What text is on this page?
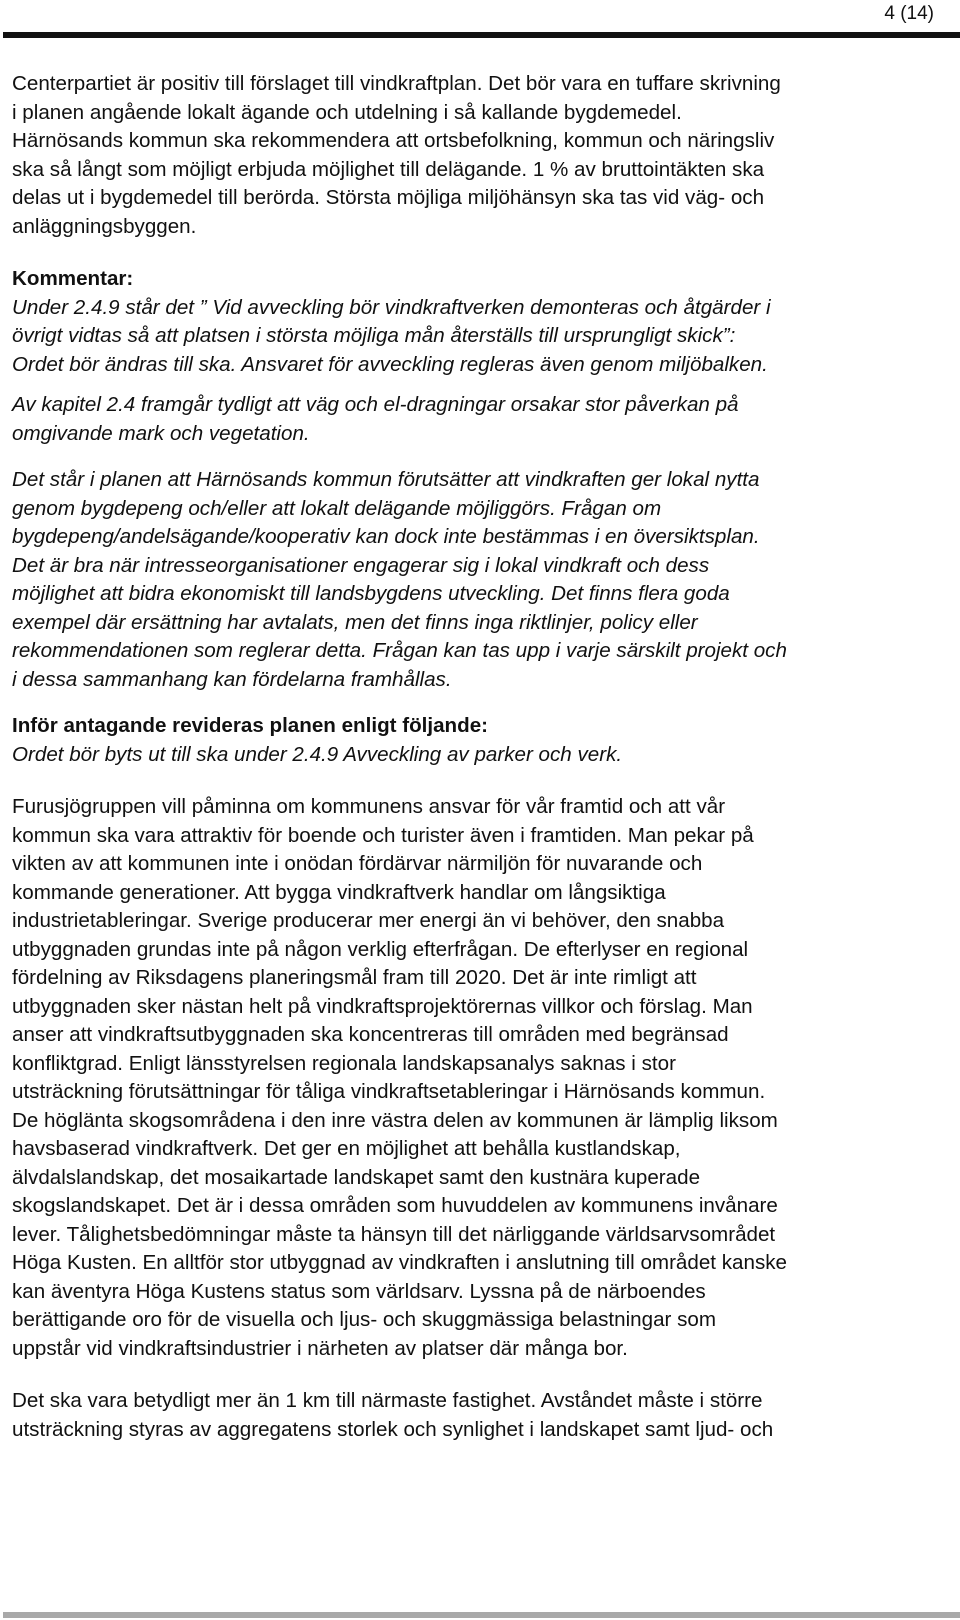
4 (14)

Centerpartiet är positiv till förslaget till vindkraftplan. Det bör vara en tuffare skrivning
i planen angående lokalt ägande och utdelning i så kallande bygdemedel.
Härnösands kommun ska rekommendera att ortsbefolkning, kommun och näringsliv
ska så långt som möjligt erbjuda möjlighet till delägande. 1 % av bruttointäkten ska
delas ut i bygdemedel till berörda. Största möjliga miljöhänsyn ska tas vid väg- och
anläggningsbyggen.

Kommentar:

Under 2.4.9 står det ” Vid avveckling bör vindkraftverken demonteras och åtgärder i
övrigt vidtas så att platsen i största möjliga mån återställs till ursprungligt skick”:
Ordet bör ändras till ska. Ansvaret för avveckling regleras även genom miljöbalken.

Av kapitel 2.4 framgår tydligt att väg och el-dragningar orsakar stor påverkan på
omgivande mark och vegetation.

Det står i planen att Härnösands kommun förutsätter att vindkraften ger lokal nytta
genom bygdepeng och/eller att lokalt delägande möjliggörs. Frågan om
bygdepeng/andelsägande/kooperativ kan dock inte bestämmas i en översiktsplan.
Det är bra när intresseorganisationer engagerar sig i lokal vindkraft och dess
möjlighet att bidra ekonomiskt till landsbygdens utveckling. Det finns flera goda
exempel där ersättning har avtalats, men det finns inga riktlinjer, policy eller
rekommendationen som reglerar detta. Frågan kan tas upp i varje särskilt projekt och
i dessa sammanhang kan fördelarna framhållas.

Inför antagande revideras planen enligt följande:

Ordet bör byts ut till ska under 2.4.9 Avveckling av parker och verk.

Furusjögruppen vill påminna om kommunens ansvar för vår framtid och att vår
kommun ska vara attraktiv för boende och turister även i framtiden. Man pekar på
vikten av att kommunen inte i onödan fördärvar närmiljön för nuvarande och
kommande generationer. Att bygga vindkraftverk handlar om långsiktiga
industrietableringar. Sverige producerar mer energi än vi behöver, den snabba
utbyggnaden grundas inte på någon verklig efterfrågan. De efterlyser en regional
fördelning av Riksdagens planeringsmål fram till 2020. Det är inte rimligt att
utbyggnaden sker nästan helt på vindkraftsprojektörernas villkor och förslag. Man
anser att vindkraftsutbyggnaden ska koncentreras till områden med begränsad
konfliktgrad. Enligt länsstyrelsen regionala landskapsanalys saknas i stor
utsträckning förutsättningar för tåliga vindkraftsetableringar i Härnösands kommun.
De höglänta skogsområdena i den inre västra delen av kommunen är lämplig liksom
havsbaserad vindkraftverk. Det ger en möjlighet att behålla kustlandskap,
älvdalslandskap, det mosaikartade landskapet samt den kustnära kuperade
skogslandskapet. Det är i dessa områden som huvuddelen av kommunens invånare
lever. Tålighetsbedömningar måste ta hänsyn till det närliggande världsarvsområdet
Höga Kusten. En alltför stor utbyggnad av vindkraften i anslutning till området kanske
kan äventyra Höga Kustens status som världsarv. Lyssna på de närboendes
berättigande oro för de visuella och ljus- och skuggmässiga belastningar som
uppstår vid vindkraftsindustrier i närheten av platser där många bor.

Det ska vara betydligt mer än 1 km till närmaste fastighet. Avståndet måste i större
utsträckning styras av aggregatens storlek och synlighet i landskapet samt ljud- och
